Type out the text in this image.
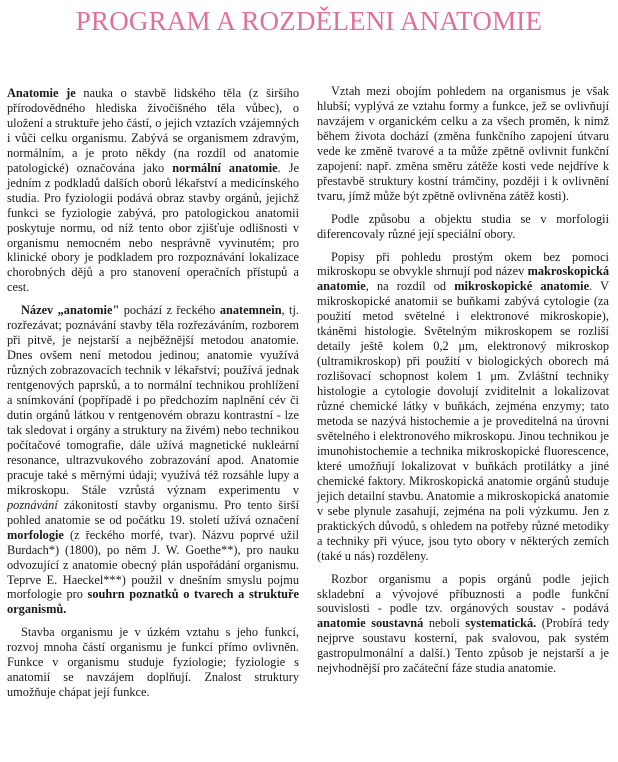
PROGRAM A ROZDĚLENI ANATOMIE

Anatomie je nauka o stavbě lidského těla (z širšího přírodovědného hlediska živočišného těla vůbec), o uložení a struktuře jeho částí, o jejich vztazích vzájemných i vůči celku organismu. Zabývá se organismem zdravým, normálním, a je proto někdy (na rozdíl od anatomie patologické) označována jako normální anatomie. Je jedním z podkladů dalších oborů lékařství a medicínského studia. Pro fyziologii podává obraz stavby orgánů, jejichž funkci se fyziologie zabývá, pro patologickou anatomii poskytuje normu, od níž tento obor zjišťuje odlišnosti v organismu nemocném nebo nesprávně vyvinutém; pro klinické obory je podkladem pro rozpoznávání lokalizace chorobných dějů a pro stanovení operačních přístupů a cest.

Název „anatomie" pochází z řeckého anatemnein, tj. rozřezávat; poznávání stavby těla rozřezáváním, rozborem při pitvě, je nejstarší a nejběžnější metodou anatomie. Dnes ovšem není metodou jedinou; anatomie využívá různých zobrazovacích technik v lékařství; používá jednak rentgenových paprsků, a to normální technikou prohlížení a snímkování (popřípadě i po předchozím naplnění cév či dutin orgánů látkou v rentgenovém obrazu kontrastní - lze tak sledovat i orgány a struktury na živém) nebo technikou počítačové tomografie, dále užívá magnetické nukleární resonance, ultrazvukového zobrazování apod. Anatomie pracuje také s měrnými údaji; využívá též rozsáhle lupy a mikroskopu. Stále vzrůstá význam experimentu v poznávání zákonitostí stavby organismu. Pro tento širší pohled anatomie se od počátku 19. století užívá označení morfologie (z řeckého morfé, tvar). Názvu poprvé užil Burdach*) (1800), po něm J. W. Goethe**), pro nauku odvozující z anatomie obecný plán uspořádání organismu. Teprve E. Haeckel***) použil v dnešním smyslu pojmu morfologie pro souhrn poznatků o tvarech a struktuře organismů.

Stavba organismu je v úzkém vztahu s jeho funkcí, rozvoj mnoha částí organismu je funkcí přímo ovlivněn. Funkce v organismu studuje fyziologie; fyziologie s anatomií se navzájem doplňují. Znalost struktury umožňuje chápat její funkce.

Vztah mezi obojím pohledem na organismus je však hlubší; vyplývá ze vztahu formy a funkce, jež se ovlivňují navzájem v organickém celku a za všech proměn, k nimž během života dochází (změna funkčního zapojení útvaru vede ke změně tvarové a ta může zpětně ovlivnit funkční zapojení: např. změna směru zátěže kosti vede nejdříve k přestavbě struktury kostní trámčiny, později i k ovlivnění tvaru, jímž může být zpětně ovlivněna zátěž kosti).

Podle způsobu a objektu studia se v morfologii diferencovaly různé její speciální obory.

Popisy při pohledu prostým okem bez pomoci mikroskopu se obvykle shrnují pod název makroskopická anatomie, na rozdíl od mikroskopické anatomie. V mikroskopické anatomii se buňkami zabývá cytologie (za použití metod světelné i elektronové mikroskopie), tkáněmi histologie. Světelným mikroskopem se rozliší detaily ještě kolem 0,2 μm, elektronový mikroskop (ultramikroskop) při použití v biologických oborech má rozlišovací schopnost kolem 1 μm. Zvláštní techniky histologie a cytologie dovolují zviditelnit a lokalizovat různé chemické látky v buňkách, zejména enzymy; tato metoda se nazývá histochemie a je proveditelná na úrovni světelného i elektronového mikroskopu. Jinou technikou je imunohistochemie a technika mikroskopické fluorescence, které umožňují lokalizovat v buňkách protilátky a jiné chemické faktory. Mikroskopická anatomie orgánů studuje jejich detailní stavbu. Anatomie a mikroskopická anatomie v sebe plynule zasahují, zejména na poli výzkumu. Jen z praktických důvodů, s ohledem na potřeby různé metodiky a techniky při výuce, jsou tyto obory v některých zemích (také u nás) rozděleny.

Rozbor organismu a popis orgánů podle jejich skladební a vývojové příbuznosti a podle funkční souvislosti - podle tzv. orgánových soustav - podává anatomie soustavná neboli systematická. (Probírá tedy nejprve soustavu kosterní, pak svalovou, pak systém gastropulmonální a další.) Tento způsob je nejstarší a je nejvhodnější pro začáteční fáze studia anatomie.
